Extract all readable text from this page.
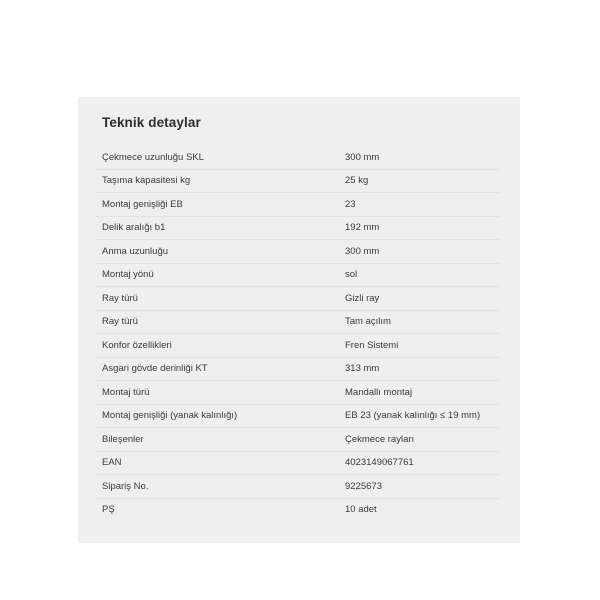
Teknik detaylar
Çekmece uzunluğu SKL	300 mm
Taşıma kapasitesi kg	25 kg
Montaj genişliği EB	23
Delik aralığı b1	192 mm
Anma uzunluğu	300 mm
Montaj yönü	sol
Ray türü	Gizli ray
Ray türü	Tam açılım
Konfor özellikleri	Fren Sistemi
Asgari gövde derinliği KT	313 mm
Montaj türü	Mandallı montaj
Montaj genişliği (yanak kalınlığı)	EB 23 (yanak kalınlığı ≤ 19 mm)
Bileşenler	Çekmece rayları
EAN	4023149067761
Sipariş No.	9225673
PŞ	10 adet
